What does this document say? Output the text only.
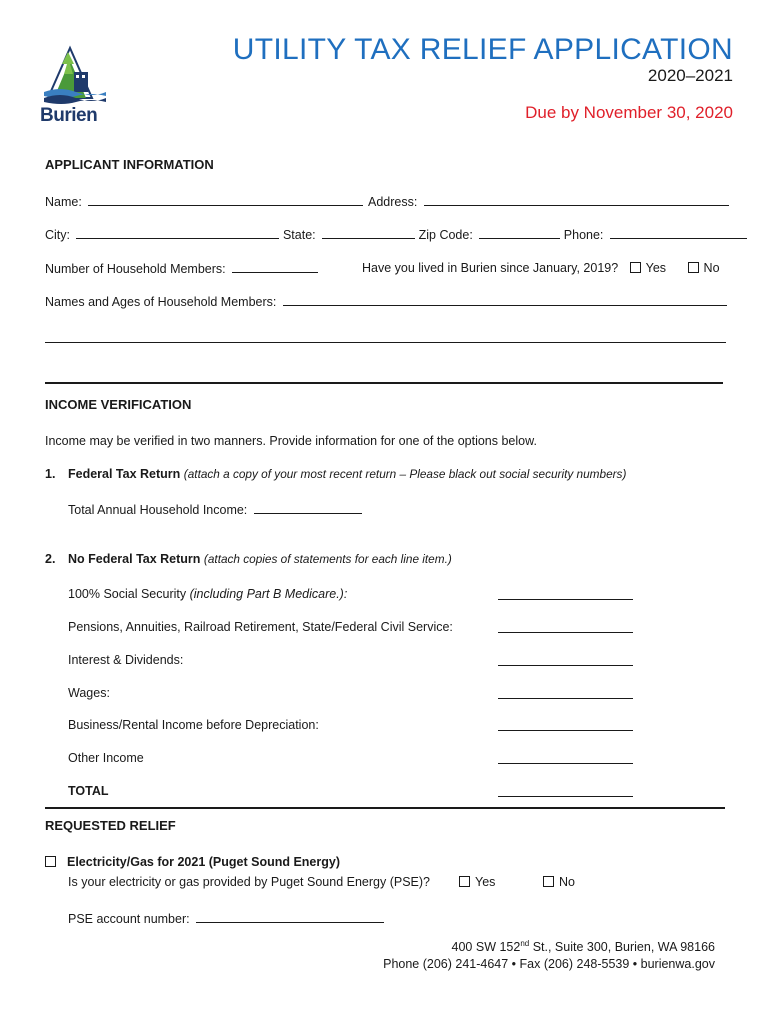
Burien
UTILITY TAX RELIEF APPLICATION
2020–2021
Due by November 30, 2020
APPLICANT INFORMATION
Name:	Address:
City:	State:	Zip Code:	Phone:
Number of Household Members:	Have you lived in Burien since January, 2019? Yes	No
Names and Ages of Household Members:
INCOME VERIFICATION
Income may be verified in two manners. Provide information for one of the options below.
1. Federal Tax Return (attach a copy of your most recent return – Please black out social security numbers)
Total Annual Household Income:
2. No Federal Tax Return (attach copies of statements for each line item.)
100% Social Security (including Part B Medicare.):
Pensions, Annuities, Railroad Retirement, State/Federal Civil Service:
Interest & Dividends:
Wages:
Business/Rental Income before Depreciation:
Other Income
TOTAL
REQUESTED RELIEF
Electricity/Gas for 2021 (Puget Sound Energy)
Is your electricity or gas provided by Puget Sound Energy (PSE)?	Yes	No
PSE account number:
400 SW 152nd St., Suite 300, Burien, WA 98166
Phone (206) 241-4647 • Fax (206) 248-5539 • burienwa.gov
